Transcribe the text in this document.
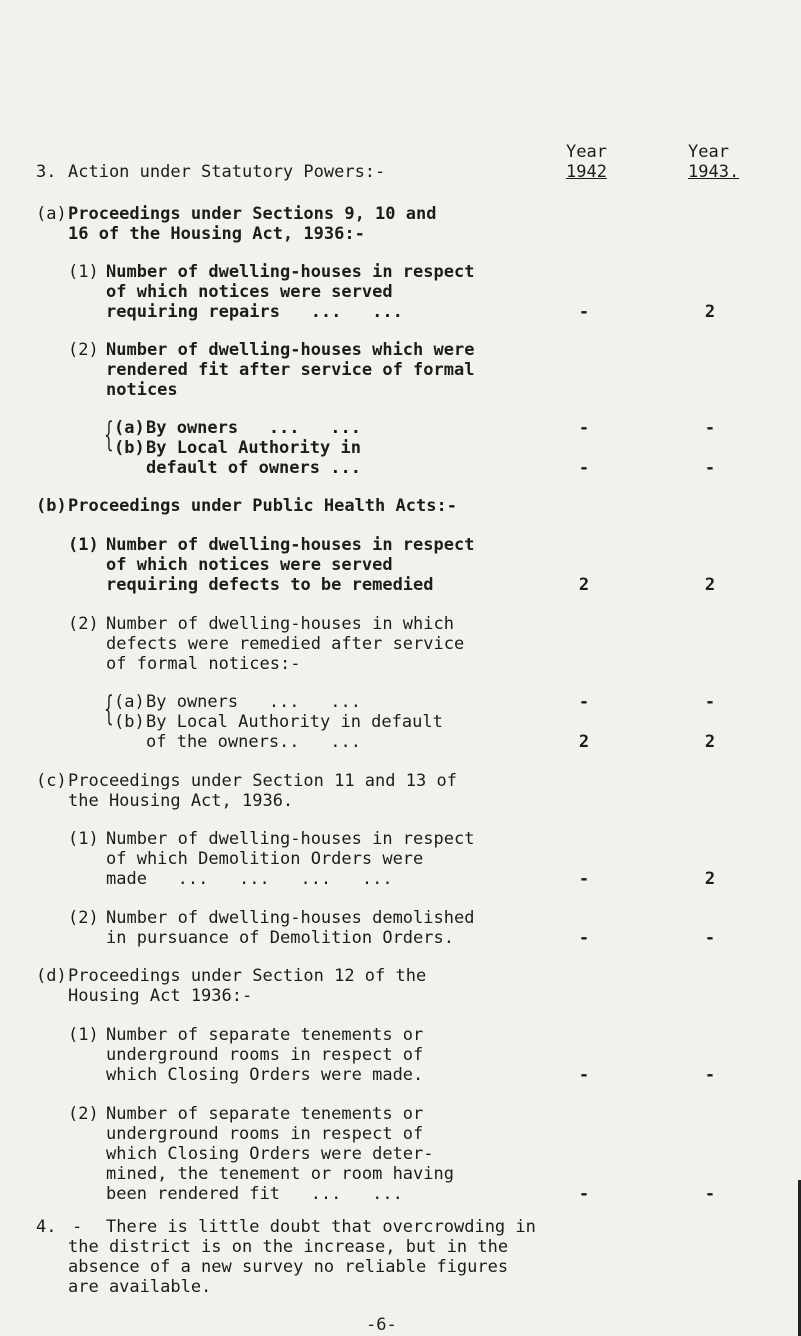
Year	Year
1942	1943.
3. Action under Statutory Powers:-
(a) Proceedings under Sections 9, 10 and
16 of the Housing Act, 1936:-
(1) Number of dwelling-houses in respect
of which notices were served
requiring repairs   ...   ...	-	2
(2) Number of dwelling-houses which were
rendered fit after service of formal
notices
{ (a) By owners   ...   ...	-	-
(b) By Local Authority in
default of owners ...	-	-
(b) Proceedings under Public Health Acts:-
(1) Number of dwelling-houses in respect
of which notices were served
requiring defects to be remedied	2	2
(2) Number of dwelling-houses in which
defects were remedied after service
of formal notices:-
{ (a) By owners   ...   ...	-	-
(b) By Local Authority in default
of the owners..   ...	2	2
(c) Proceedings under Section 11 and 13 of
the Housing Act, 1936.
(1) Number of dwelling-houses in respect
of which Demolition Orders were
made   ...   ...   ...   ...	-	2
(2) Number of dwelling-houses demolished
in pursuance of Demolition Orders.	-	-
(d) Proceedings under Section 12 of the
Housing Act 1936:-
(1) Number of separate tenements or
underground rooms in respect of
which Closing Orders were made.	-	-
(2) Number of separate tenements or
underground rooms in respect of
which Closing Orders were deter-
mined, the tenement or room having
been rendered fit   ...   ...	-	-
4. - There is little doubt that overcrowding in
the district is on the increase, but in the
absence of a new survey no reliable figures
are available.
-6-
